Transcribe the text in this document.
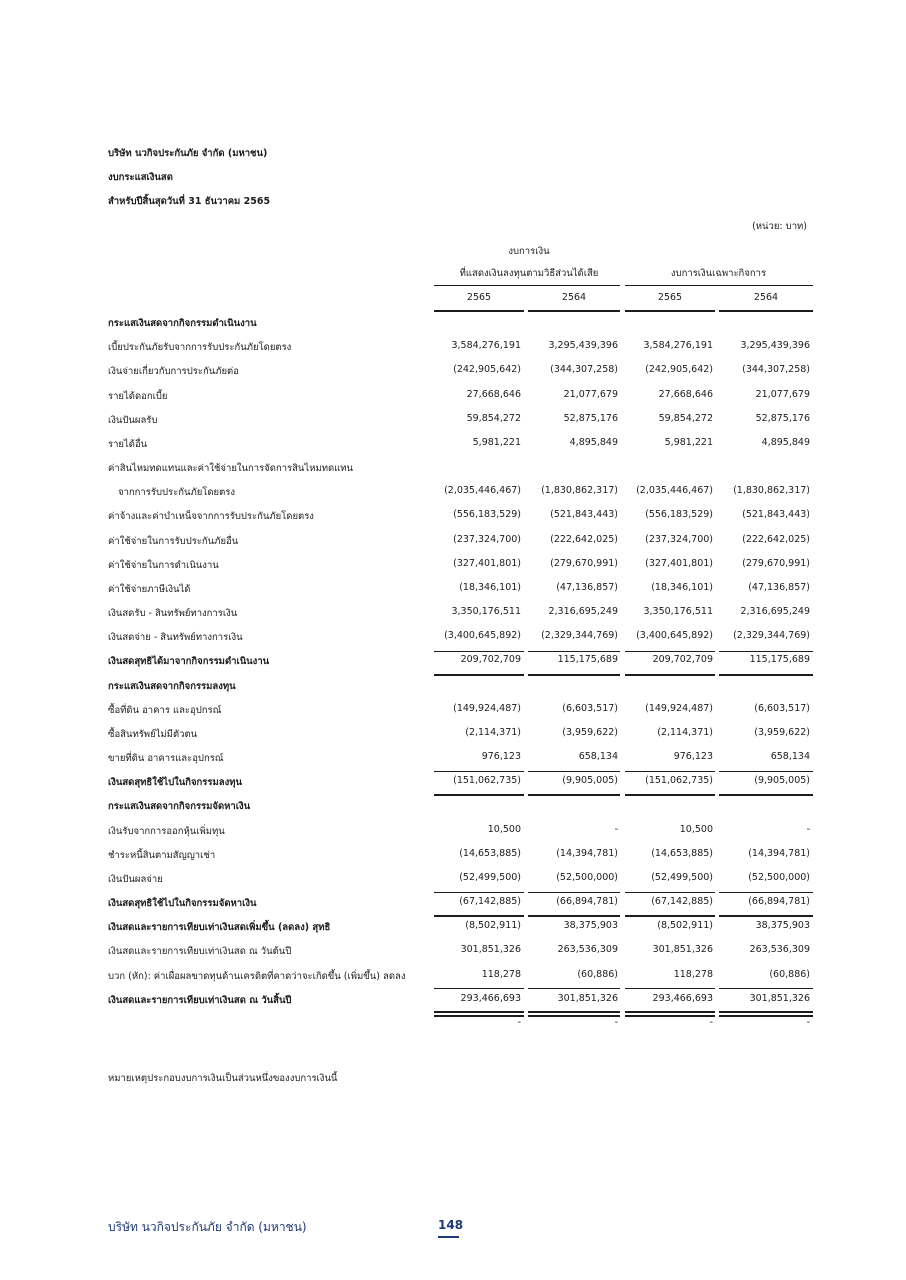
บริษัท นวกิจประกันภัย จำกัด (มหาชน)
งบกระแสเงินสด
สำหรับปีสิ้นสุดวันที่ 31 ธันวาคม 2565
(หน่วย: บาท)
งบการเงิน
ที่แสดงเงินลงทุนตามวิธีส่วนได้เสีย	งบการเงินเฉพาะกิจการ
2565	2564	2565	2564
กระแสเงินสดจากกิจกรรมดำเนินงาน
เบี้ยประกันภัยรับจากการรับประกันภัยโดยตรง	3,584,276,191	3,295,439,396	3,584,276,191	3,295,439,396
เงินจ่ายเกี่ยวกับการประกันภัยต่อ	(242,905,642)	(344,307,258)	(242,905,642)	(344,307,258)
รายได้ดอกเบี้ย	27,668,646	21,077,679	27,668,646	21,077,679
เงินปันผลรับ	59,854,272	52,875,176	59,854,272	52,875,176
รายได้อื่น	5,981,221	4,895,849	5,981,221	4,895,849
ค่าสินไหมทดแทนและค่าใช้จ่ายในการจัดการสินไหมทดแทน
จากการรับประกันภัยโดยตรง	(2,035,446,467) (1,830,862,317) (2,035,446,467) (1,830,862,317)
ค่าจ้างและค่าบำเหน็จจากการรับประกันภัยโดยตรง	(556,183,529)	(521,843,443)	(556,183,529)	(521,843,443)
ค่าใช้จ่ายในการรับประกันภัยอื่น	(237,324,700)	(222,642,025)	(237,324,700)	(222,642,025)
ค่าใช้จ่ายในการดำเนินงาน	(327,401,801)	(279,670,991)	(327,401,801)	(279,670,991)
ค่าใช้จ่ายภาษีเงินได้	(18,346,101)	(47,136,857)	(18,346,101)	(47,136,857)
เงินสดรับ - สินทรัพย์ทางการเงิน	3,350,176,511	2,316,695,249	3,350,176,511	2,316,695,249
เงินสดจ่าย - สินทรัพย์ทางการเงิน	(3,400,645,892) (2,329,344,769) (3,400,645,892) (2,329,344,769)
เงินสดสุทธิได้มาจากกิจกรรมดำเนินงาน	209,702,709	115,175,689	209,702,709	115,175,689
กระแสเงินสดจากกิจกรรมลงทุน
ซื้อที่ดิน อาคาร และอุปกรณ์	(149,924,487)	(6,603,517)	(149,924,487)	(6,603,517)
ซื้อสินทรัพย์ไม่มีตัวตน	(2,114,371)	(3,959,622)	(2,114,371)	(3,959,622)
ขายที่ดิน อาคารและอุปกรณ์	976,123	658,134	976,123	658,134
เงินสดสุทธิใช้ไปในกิจกรรมลงทุน	(151,062,735)	(9,905,005)	(151,062,735)	(9,905,005)
กระแสเงินสดจากกิจกรรมจัดหาเงิน
เงินรับจากการออกหุ้นเพิ่มทุน	10,500	-	10,500	-
ชำระหนี้สินตามสัญญาเช่า	(14,653,885)	(14,394,781)	(14,653,885)	(14,394,781)
เงินปันผลจ่าย	(52,499,500)	(52,500,000)	(52,499,500)	(52,500,000)
เงินสดสุทธิใช้ไปในกิจกรรมจัดหาเงิน	(67,142,885)	(66,894,781)	(67,142,885)	(66,894,781)
เงินสดและรายการเทียบเท่าเงินสดเพิ่มขึ้น (ลดลง) สุทธิ	(8,502,911)	38,375,903	(8,502,911)	38,375,903
เงินสดและรายการเทียบเท่าเงินสด ณ วันต้นปี	301,851,326	263,536,309	301,851,326	263,536,309
บวก (หัก): ค่าเผื่อผลขาดทุนด้านเครดิตที่คาดว่าจะเกิดขึ้น (เพิ่มขึ้น) ลดลง	118,278	(60,886)	118,278	(60,886)
เงินสดและรายการเทียบเท่าเงินสด ณ วันสิ้นปี	293,466,693	301,851,326	293,466,693	301,851,326
-	-	-	-
หมายเหตุประกอบงบการเงินเป็นส่วนหนึ่งของงบการเงินนี้
บริษัท นวกิจประกันภัย จำกัด (มหาชน)	148
